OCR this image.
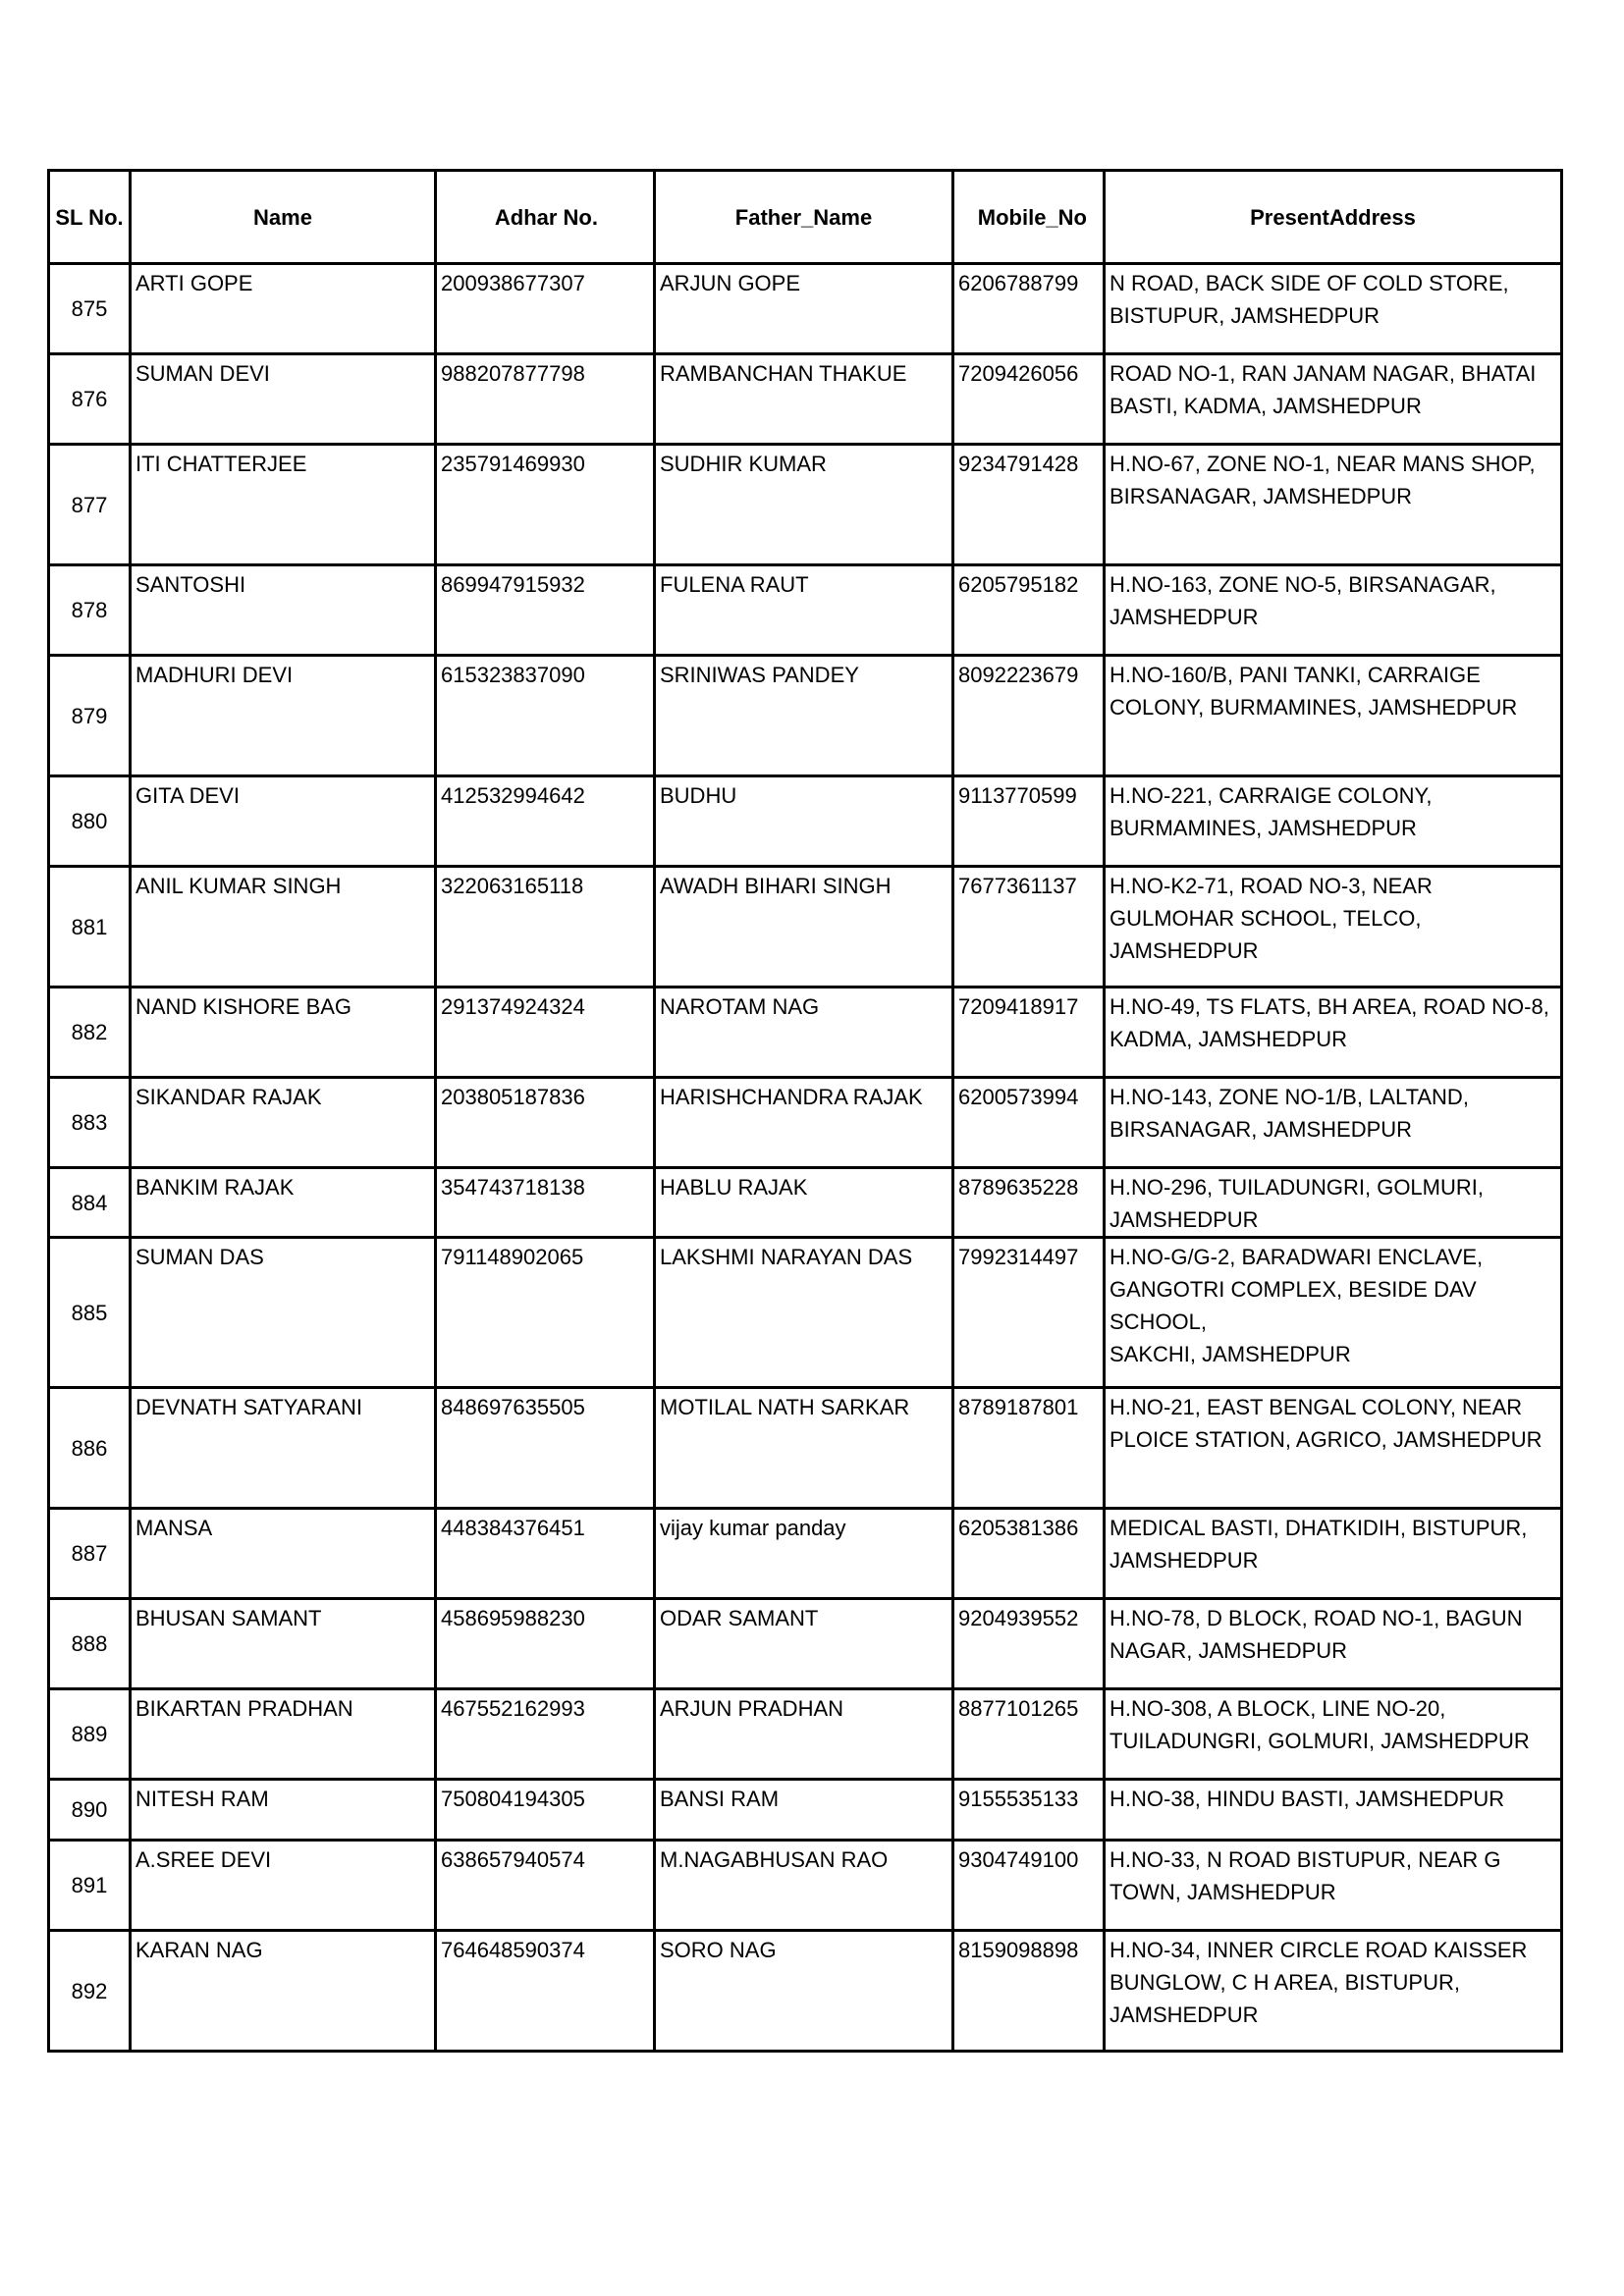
SL No.	Name	Adhar No.	Father_Name	Mobile_No	PresentAddress
875	ARTI GOPE	200938677307	ARJUN GOPE	6206788799	N ROAD, BACK SIDE OF COLD STORE,
BISTUPUR, JAMSHEDPUR

876	SUMAN DEVI	988207877798	RAMBANCHAN THAKUE	7209426056	ROAD NO-1, RAN JANAM NAGAR, BHATAI
BASTI, KADMA, JAMSHEDPUR

877	ITI CHATTERJEE	235791469930	SUDHIR KUMAR	9234791428	H.NO-67, ZONE NO-1, NEAR MANS SHOP,
BIRSANAGAR, JAMSHEDPUR

878	SANTOSHI	869947915932	FULENA RAUT	6205795182	H.NO-163, ZONE NO-5, BIRSANAGAR,
JAMSHEDPUR

879	MADHURI DEVI	615323837090	SRINIWAS PANDEY	8092223679	H.NO-160/B, PANI TANKI, CARRAIGE
COLONY, BURMAMINES, JAMSHEDPUR

880	GITA DEVI	412532994642	BUDHU	9113770599	H.NO-221, CARRAIGE COLONY,
BURMAMINES, JAMSHEDPUR

881	ANIL KUMAR SINGH	322063165118	AWADH BIHARI SINGH	7677361137	H.NO-K2-71, ROAD NO-3, NEAR
GULMOHAR SCHOOL, TELCO, JAMSHEDPUR

882	NAND KISHORE BAG	291374924324	NAROTAM NAG	7209418917	H.NO-49, TS FLATS, BH AREA, ROAD NO-8,
KADMA, JAMSHEDPUR

883	SIKANDAR RAJAK	203805187836	HARISHCHANDRA RAJAK	6200573994	H.NO-143, ZONE NO-1/B, LALTAND,
BIRSANAGAR, JAMSHEDPUR

884	BANKIM RAJAK	354743718138	HABLU RAJAK	8789635228	H.NO-296, TUILADUNGRI, GOLMURI,
JAMSHEDPUR

885	SUMAN DAS	791148902065	LAKSHMI NARAYAN DAS	7992314497	H.NO-G/G-2, BARADWARI ENCLAVE,
GANGOTRI COMPLEX, BESIDE DAV SCHOOL,
SAKCHI, JAMSHEDPUR

886	DEVNATH SATYARANI	848697635505	MOTILAL NATH SARKAR	8789187801	H.NO-21, EAST BENGAL COLONY, NEAR
PLOICE STATION, AGRICO, JAMSHEDPUR

887	MANSA	448384376451	vijay kumar panday	6205381386	MEDICAL BASTI, DHATKIDIH, BISTUPUR,
JAMSHEDPUR

888	BHUSAN SAMANT	458695988230	ODAR SAMANT	9204939552	H.NO-78, D BLOCK, ROAD NO-1, BAGUN
NAGAR, JAMSHEDPUR

889	BIKARTAN PRADHAN	467552162993	ARJUN PRADHAN	8877101265	H.NO-308, A BLOCK, LINE NO-20,
TUILADUNGRI, GOLMURI, JAMSHEDPUR

890	NITESH RAM	750804194305	BANSI RAM	9155535133	H.NO-38, HINDU BASTI, JAMSHEDPUR

891	A.SREE DEVI	638657940574	M.NAGABHUSAN RAO	9304749100	H.NO-33, N ROAD BISTUPUR, NEAR G
TOWN, JAMSHEDPUR

892	KARAN NAG	764648590374	SORO NAG	8159098898	H.NO-34, INNER CIRCLE ROAD KAISSER
BUNGLOW, C H AREA, BISTUPUR,
JAMSHEDPUR
